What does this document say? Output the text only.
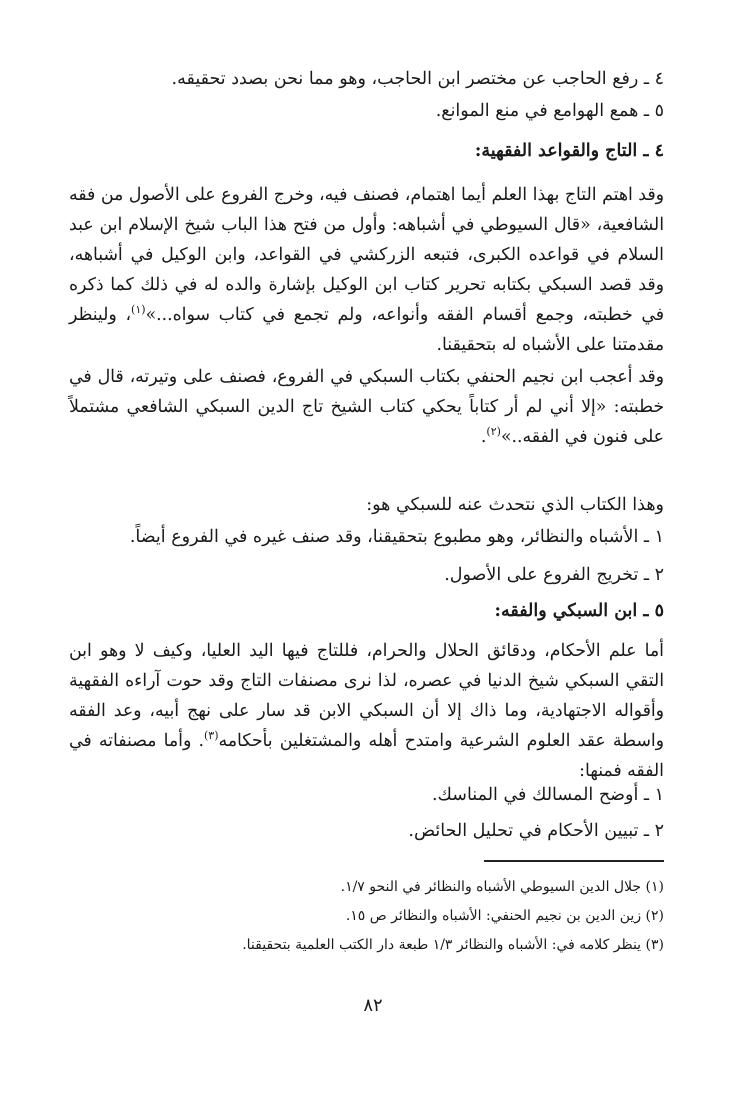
٤ ـ رفع الحاجب عن مختصر ابن الحاجب، وهو مما نحن بصدد تحقيقه.
٥ ـ همع الهوامع في منع الموانع.
٤ ـ التاج والقواعد الفقهية:

وقد اهتم التاج بهذا العلم أيما اهتمام، فصنف فيه، وخرج الفروع على الأصول من فقه الشافعية، «قال السيوطي في أشباهه: وأول من فتح هذا الباب شيخ الإسلام ابن عبد السلام في قواعده الكبرى، فتبعه الزركشي في القواعد، وابن الوكيل في أشباهه، وقد قصد السبكي بكتابه تحرير كتاب ابن الوكيل بإشارة والده له في ذلك كما ذكره في خطبته، وجمع أقسام الفقه وأنواعه، ولم تجمع في كتاب سواه...»$^{(١)}$، ولينظر مقدمتنا على الأشباه له بتحقيقنا.

وقد أعجب ابن نجيم الحنفي بكتاب السبكي في الفروع، فصنف على وتيرته، قال في خطبته: «إلا أني لم أر كتاباً يحكي كتاب الشيخ تاج الدين السبكي الشافعي مشتملاً على فنون في الفقه..»$^{(٢)}$.

وهذا الكتاب الذي نتحدث عنه للسبكي هو:
١ ـ الأشباه والنظائر، وهو مطبوع بتحقيقنا، وقد صنف غيره في الفروع أيضاً.
٢ ـ تخريج الفروع على الأصول.
٥ ـ ابن السبكي والفقه:

أما علم الأحكام، ودقائق الحلال والحرام، فللتاج فيها اليد العليا، وكيف لا وهو ابن التقي السبكي شيخ الدنيا في عصره، لذا نرى مصنفات التاج وقد حوت آراءه الفقهية وأقواله الاجتهادية، وما ذاك إلا أن السبكي الابن قد سار على نهج أبيه، وعد الفقه واسطة عقد العلوم الشرعية وامتدح أهله والمشتغلين بأحكامه$^{(٣)}$. وأما مصنفاته في الفقه فمنها:

١ ـ أوضح المسالك في المناسك.
٢ ـ تبيين الأحكام في تحليل الحائض.
(١) جلال الدين السيوطي الأشباه والنظائر في النحو ١/٧.
(٢) زين الدين بن نجيم الحنفي: الأشباه والنظائر ص ١٥.
(٣) ينظر كلامه في: الأشباه والنظائر ١/٣ طبعة دار الكتب العلمية بتحقيقنا.
٨٢
